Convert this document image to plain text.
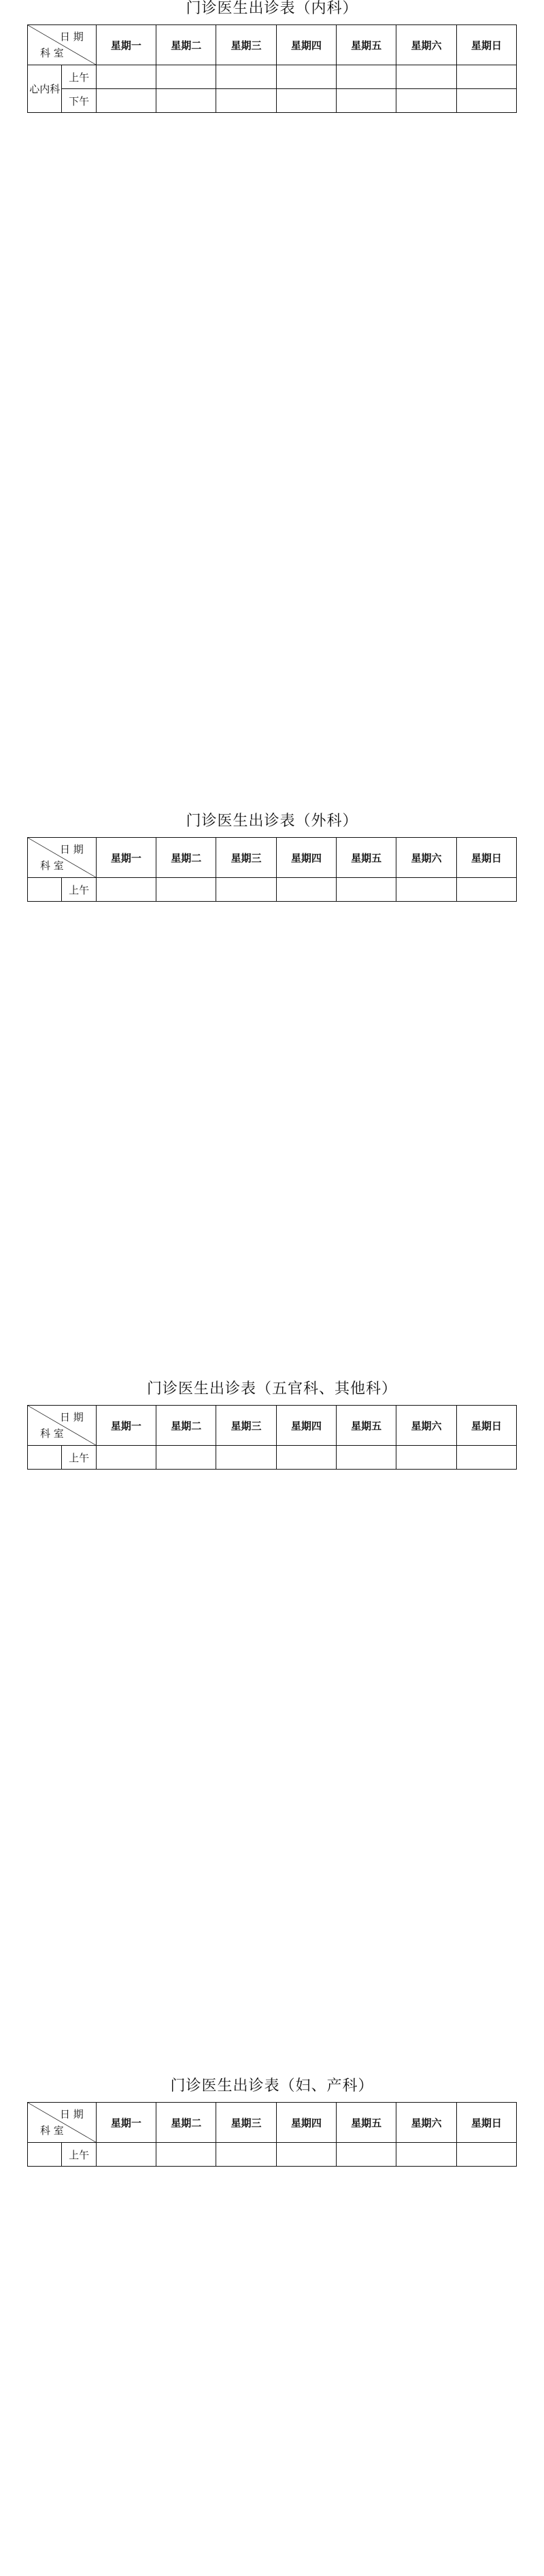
门诊医生出诊表（内科）
日 期
科 室		星期一	星期二	星期三	星期四	星期五	星期六	星期日
心内科	上午							
	下午							
门诊医生出诊表（外科）
日 期
科 室		星期一	星期二	星期三	星期四	星期五	星期六	星期日
	上午							
门诊医生出诊表（五官科、其他科）
日 期
科 室		星期一	星期二	星期三	星期四	星期五	星期六	星期日
	上午							
门诊医生出诊表（妇、产科）
日 期
科 室		星期一	星期二	星期三	星期四	星期五	星期六	星期日
	上午							
